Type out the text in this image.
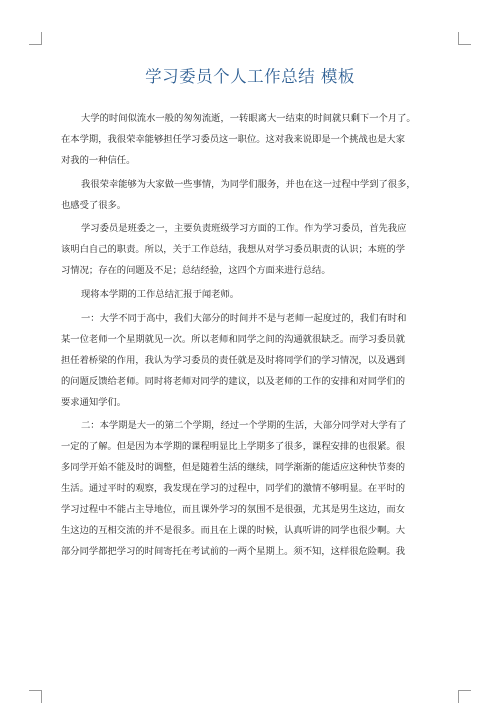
学习委员个人工作总结 模板
大学的时间似流水一般的匆匆流逝，一转眼离大一结束的时间就只剩下一个月了。
在本学期，我很荣幸能够担任学习委员这一职位。这对我来说即是一个挑战也是大家
对我的一种信任。
我很荣幸能够为大家做一些事情，为同学们服务，并也在这一过程中学到了很多，
也感受了很多。
学习委员是班委之一，主要负责班级学习方面的工作。作为学习委员，首先我应
该明白自己的职责。所以，关于工作总结，我想从对学习委员职责的认识；本班的学
习情况；存在的问题及不足；总结经验，这四个方面来进行总结。
现将本学期的工作总结汇报于闻老师。
一：大学不同于高中，我们大部分的时间并不是与老师一起度过的，我们有时和
某一位老师一个星期就见一次。所以老师和同学之间的沟通就很缺乏。而学习委员就
担任着桥梁的作用，我认为学习委员的责任就是及时将同学们的学习情况，以及遇到
的问题反馈给老师。同时将老师对同学的建议，以及老师的工作的安排和对同学们的
要求通知学们。
二：本学期是大一的第二个学期，经过一个学期的生活，大部分同学对大学有了
一定的了解。但是因为本学期的课程明显比上学期多了很多，课程安排的也很紧。很
多同学开始不能及时的调整，但是随着生活的继续，同学渐渐的能适应这种快节奏的
生活。通过平时的观察，我发现在学习的过程中，同学们的激情不够明显。在平时的
学习过程中不能占主导地位，而且课外学习的氛围不是很强，尤其是男生这边，而女
生这边的互相交流的并不是很多。而且在上课的时候，认真听讲的同学也很少啊。大
部分同学都把学习的时间寄托在考试前的一两个星期上。须不知，这样很危险啊。我
